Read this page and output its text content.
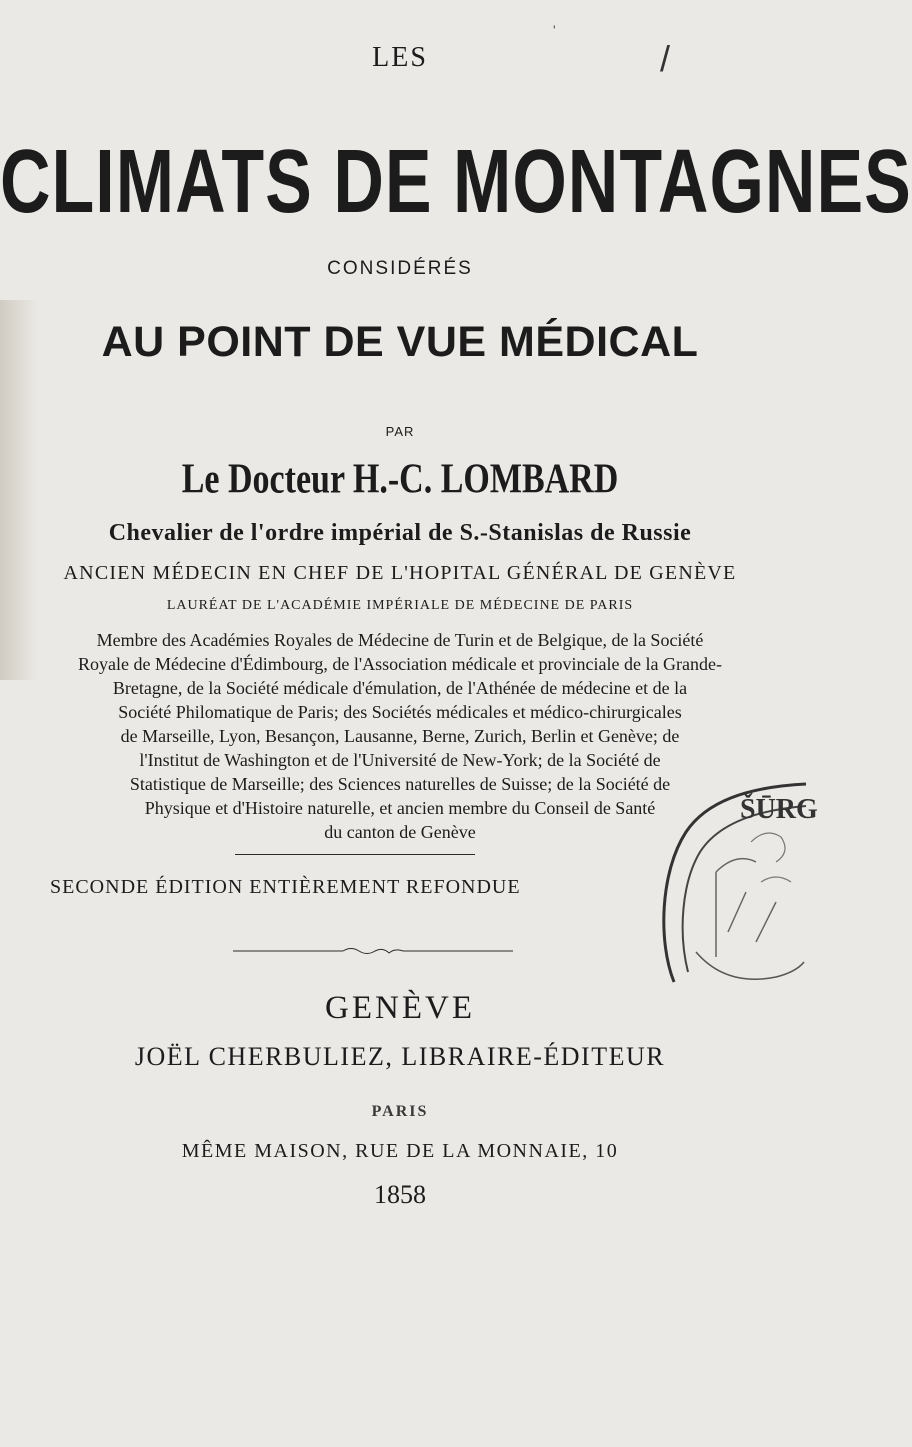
LES
'
/
CLIMATS DE MONTAGNES
CONSIDÉRÉS
AU POINT DE VUE MÉDICAL
PAR
Le Docteur H.-C. LOMBARD
Chevalier de l'ordre impérial de S.-Stanislas de Russie
ANCIEN MÉDECIN EN CHEF DE L'HOPITAL GÉNÉRAL DE GENÈVE
LAURÉAT DE L'ACADÉMIE IMPÉRIALE DE MÉDECINE DE PARIS
Membre des Académies Royales de Médecine de Turin et de Belgique, de la Société
Royale de Médecine d'Édimbourg, de l'Association médicale et provinciale de la Grande-
Bretagne, de la Société médicale d'émulation, de l'Athénée de médecine et de la
Société Philomatique de Paris; des Sociétés médicales et médico-chirurgicales
de Marseille, Lyon, Besançon, Lausanne, Berne, Zurich, Berlin et Genève; de
l'Institut de Washington et de l'Université de New-York; de la Société de
Statistique de Marseille; des Sciences naturelles de Suisse; de la Société de
Physique et d'Histoire naturelle, et ancien membre du Conseil de Santé
du canton de Genève
SECONDE ÉDITION ENTIÈREMENT REFONDUE
ŠŪRG
GENÈVE
JOËL CHERBULIEZ, LIBRAIRE-ÉDITEUR
PARIS
MÊME MAISON, RUE DE LA MONNAIE, 10
1858
